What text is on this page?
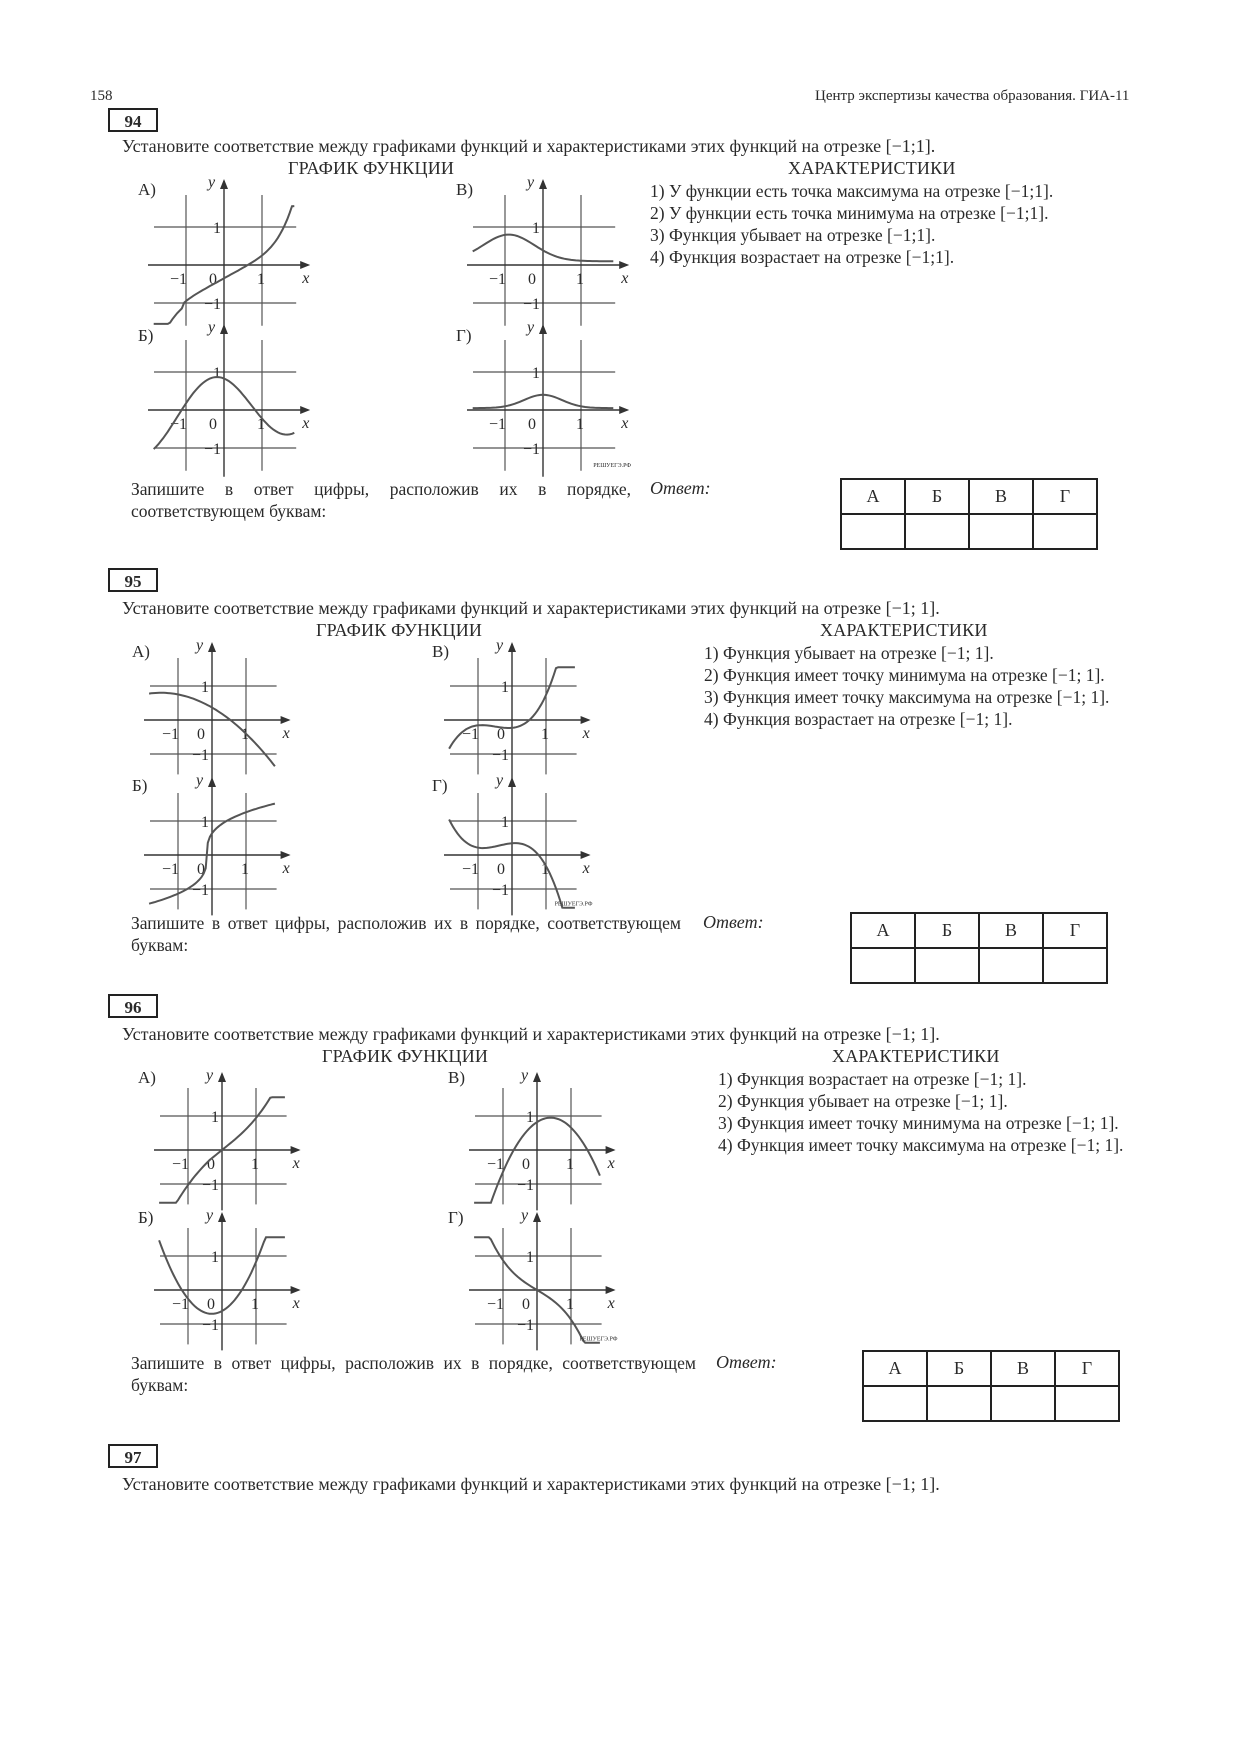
158	Центр экспертизы качества образования. ГИА-11
94
Установите соответствие между графиками функций и характеристиками этих функций на отрезке [−1;1].
ГРАФИК ФУНКЦИИ	ХАРАКТЕРИСТИКИ
А)	В)
Б)	Г)
x
y
0	1
−1
1
−1
x
y
0	1
−1
1
−1
x
y
0	1
−1
1
−1
x
y
0	1
−1
1
−1
РЕШУЕГЭ.РФ
x
y
0 1
−1
1
−1
x
y
0 1
−1
1
−1
x
y
0 1
−1
1
−1
x
y
0 1
−1
1
−1
РЕШУЕГЭ.РФ
x
y
0 1
−1
1
−1
x
y
0 1
−1
1
−1
x
y
0 1
−1
1
−1
x
y
0 1
−1
1
−1
РЕШУЕГЭ.РФ

1) У функции есть точка максимума на отрезке [−1;1].

2) У функции есть точка минимума на отрезке [−1;1].

3) Функция убывает на отрезке [−1;1].

4) Функция возрастает на отрезке [−1;1].

Запишите в ответ цифры, расположив их в порядке, соответствующем буквам:
Ответ:	А	Б	В	Г

95
Установите соответствие между графиками функций и характеристиками этих функций на отрезке [−1; 1].
ГРАФИК ФУНКЦИИ	ХАРАКТЕРИСТИКИ
А)	В)
Б)	Г)

1) Функция убывает на отрезке [−1; 1].

2) Функция имеет точку минимума на отрезке [−1; 1].

3) Функция имеет точку максимума на отрезке [−1; 1].

4) Функция возрастает на отрезке [−1; 1].

Запишите в ответ цифры, расположив их в порядке, соответствующем буквам:
Ответ:	А	Б	В	Г

96
Установите соответствие между графиками функций и характеристиками этих функций на отрезке [−1; 1].
ГРАФИК ФУНКЦИИ	ХАРАКТЕРИСТИКИ
А)	В)
Б)	Г)

1) Функция возрастает на отрезке [−1; 1].

2) Функция убывает на отрезке [−1; 1].

3) Функция имеет точку минимума на отрезке [−1; 1].

4) Функция имеет точку максимума на отрезке [−1; 1].

Запишите в ответ цифры, расположив их в порядке, соответствующем буквам:
Ответ:	А	Б	В	Г

97
Установите соответствие между графиками функций и характеристиками этих функций на отрезке [−1; 1].
